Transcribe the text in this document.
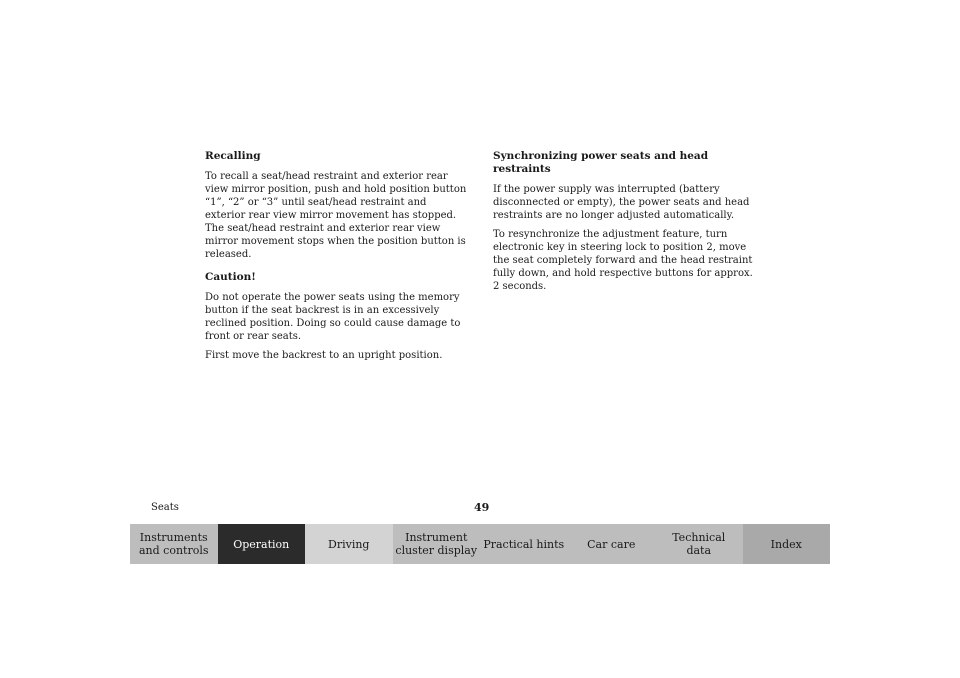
Recalling

To recall a seat/head restraint and exterior rear view mirror position, push and hold position button “1”, “2” or “3” until seat/head restraint and exterior rear view mirror movement has stopped. The seat/head restraint and exterior rear view mirror movement stops when the position button is released.

Caution!

Do not operate the power seats using the memory button if the seat backrest is in an excessively reclined position. Doing so could cause damage to front or rear seats.

First move the backrest to an upright position.

Synchronizing power seats and head restraints

If the power supply was interrupted (battery disconnected or empty), the power seats and head restraints are no longer adjusted automatically.

To resynchronize the adjustment feature, turn electronic key in steering lock to position 2, move the seat completely forward and the head restraint fully down, and hold respective buttons for approx. 2 seconds.

Seats	49
Instruments
and controls	Operation	Driving	Instrument
cluster display Practical hints	Car care	Technical
data	Index
